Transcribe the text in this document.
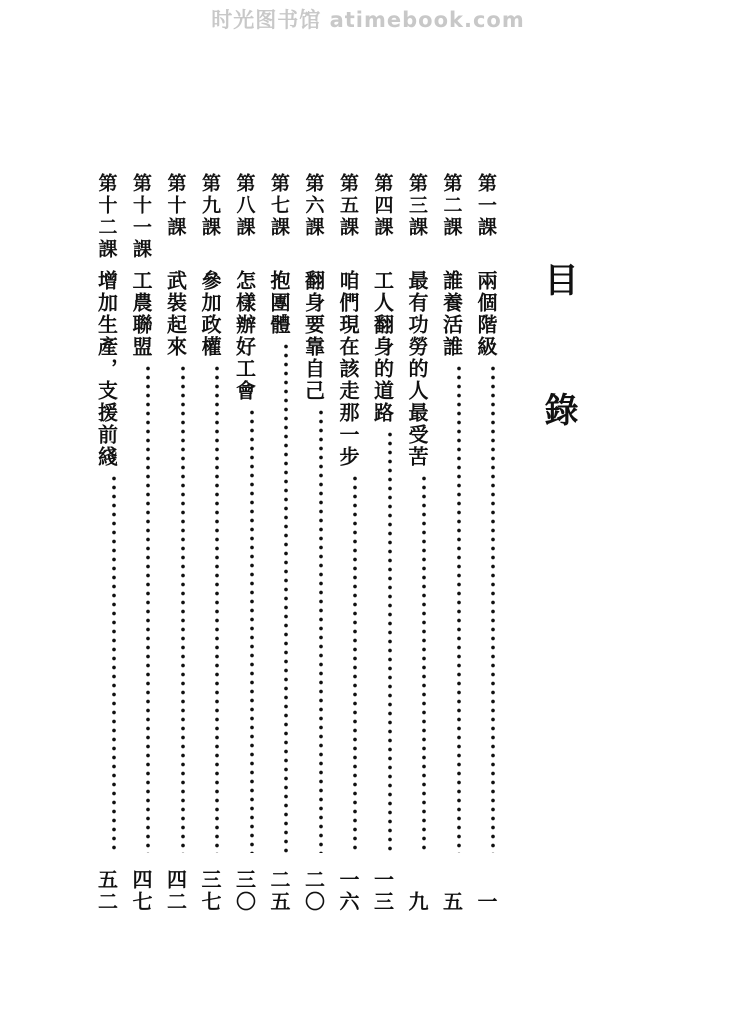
时光图书馆 atimebook.com
目 錄
第一課
兩個階級
一
第二課
誰養活誰
五
第三課
最有功勞的人最受苦
九
第四課
工人翻身的道路
一三
第五課
咱們現在該走那一步
一六
第六課
翻身要靠自己
二〇
第七課
抱團體
二五
第八課
怎樣辦好工會
三〇
第九課
參加政權
三七
第十課
武裝起來
四二
第十一課
工農聯盟
四七
第十二課
增加生產，支援前綫
五二
